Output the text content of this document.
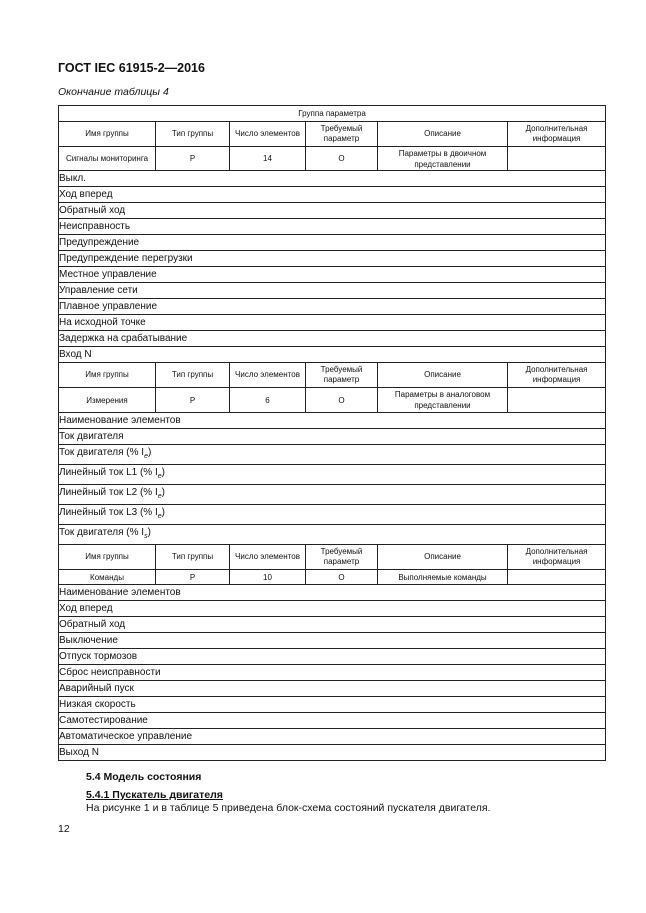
ГОСТ IEC 61915-2—2016
Окончание таблицы 4
Группа параметра					
Имя группы	Тип группы	Число элементов	Требуемый параметр	Описание	Дополнительная информация
Сигналы мониторинга	P	14	O	Параметры в двоичном представлении	
Выкл.					
Ход вперед					
Обратный ход					
Неисправность					
Предупреждение					
Предупреждение перегрузки					
Местное управление					
Управление сети					
Плавное управление					
На исходной точке					
Задержка на срабатывание					
Вход N					
Имя группы	Тип группы	Число элементов	Требуемый параметр	Описание	Дополнительная информация
Измерения	P	6	O	Параметры в аналоговом представлении	
Наименование элементов					
Ток двигателя					
Ток двигателя (% $I_e$)					
Линейный ток L1 (% $I_e$)					
Линейный ток L2 (% $I_e$)					
Линейный ток L3 (% $I_e$)					
Ток двигателя (% $I_s$)					
Имя группы	Тип группы	Число элементов	Требуемый параметр	Описание	Дополнительная информация
Команды	P	10	O	Выполняемые команды	
Наименование элементов					
Ход вперед					
Обратный ход					
Выключение					
Отпуск тормозов					
Сброс неисправности					
Аварийный пуск					
Низкая скорость					
Самотестирование					
Автоматическое управление					
Выход N					
5.4 Модель состояния
5.4.1 Пускатель двигателя
На рисунке 1 и в таблице 5 приведена блок-схема состояний пускателя двигателя.
12
